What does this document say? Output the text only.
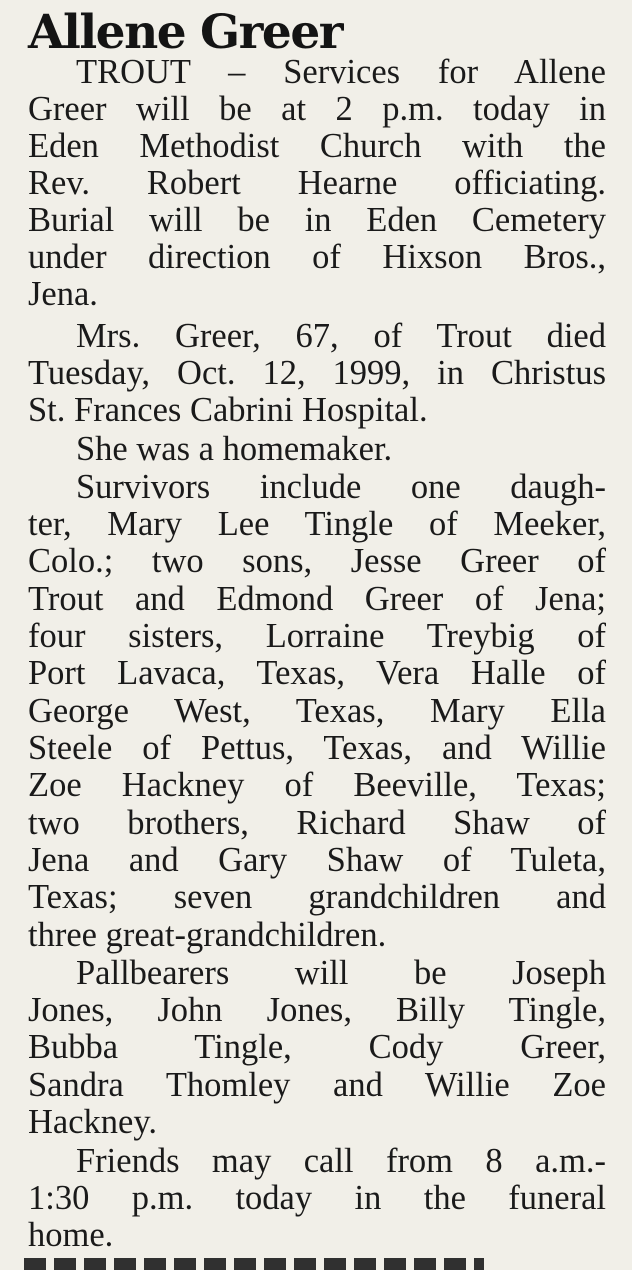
Allene Greer
TROUT – Services for Allene
Greer will be at 2 p.m. today in
Eden Methodist Church with the
Rev. Robert Hearne officiating.
Burial will be in Eden Cemetery
under direction of Hixson Bros.,
Jena.
Mrs. Greer, 67, of Trout died
Tuesday, Oct. 12, 1999, in Christus
St. Frances Cabrini Hospital.
She was a homemaker.
Survivors include one daugh-
ter, Mary Lee Tingle of Meeker,
Colo.; two sons, Jesse Greer of
Trout and Edmond Greer of Jena;
four sisters, Lorraine Treybig of
Port Lavaca, Texas, Vera Halle of
George West, Texas, Mary Ella
Steele of Pettus, Texas, and Willie
Zoe Hackney of Beeville, Texas;
two brothers, Richard Shaw of
Jena and Gary Shaw of Tuleta,
Texas; seven grandchildren and
three great-grandchildren.
Pallbearers will be Joseph
Jones, John Jones, Billy Tingle,
Bubba Tingle, Cody Greer,
Sandra Thomley and Willie Zoe
Hackney.
Friends may call from 8 a.m.-
1:30 p.m. today in the funeral
home.
